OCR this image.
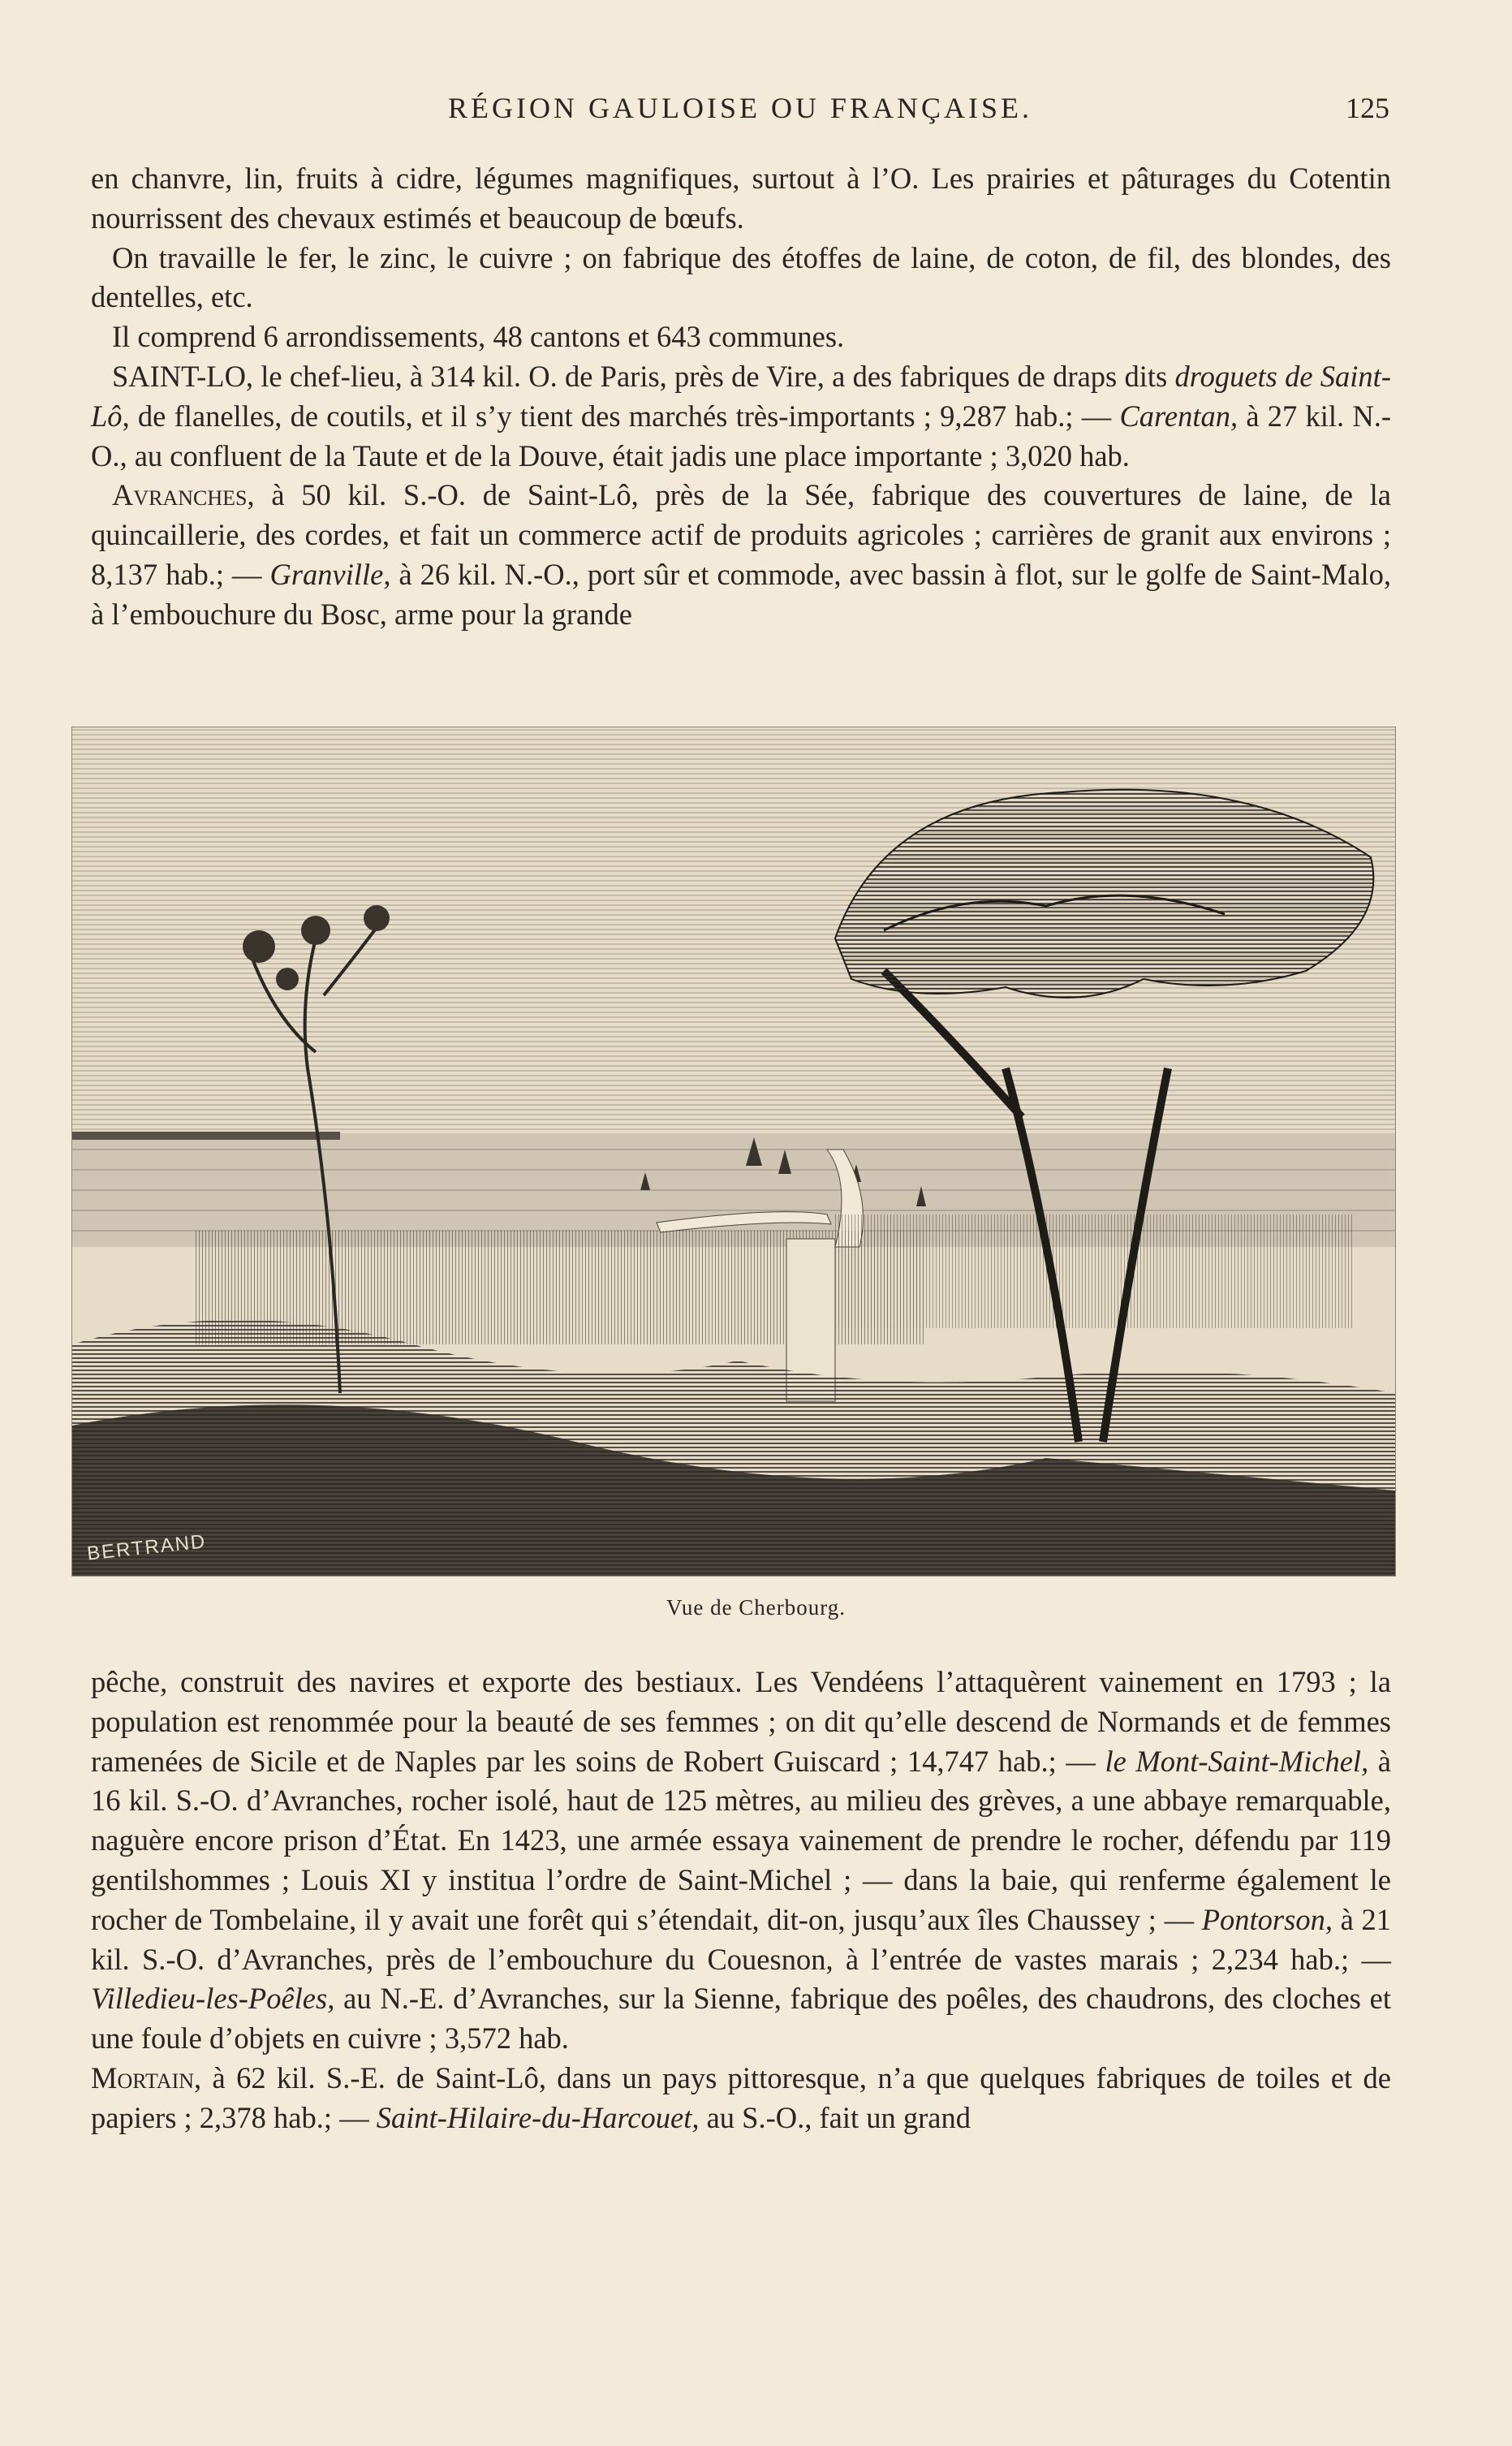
RÉGION GAULOISE OU FRANÇAISE.	125

en chanvre, lin, fruits à cidre, légumes magnifiques, surtout à l’O. Les prairies et pâturages du Cotentin nourrissent des chevaux estimés et beaucoup de bœufs.

On travaille le fer, le zinc, le cuivre ; on fabrique des étoffes de laine, de coton, de fil, des blondes, des dentelles, etc.

Il comprend 6 arrondissements, 48 cantons et 643 communes.

SAINT-LO, le chef-lieu, à 314 kil. O. de Paris, près de Vire, a des fabriques de draps dits droguets de Saint-Lô, de flanelles, de coutils, et il s’y tient des marchés très-importants ; 9,287 hab.; — Carentan, à 27 kil. N.-O., au confluent de la Taute et de la Douve, était jadis une place importante ; 3,020 hab.

Avranches, à 50 kil. S.-O. de Saint-Lô, près de la Sée, fabrique des couvertures de laine, de la quincaillerie, des cordes, et fait un commerce actif de produits agricoles ; carrières de granit aux environs ; 8,137 hab.; — Granville, à 26 kil. N.-O., port sûr et commode, avec bassin à flot, sur le golfe de Saint-Malo, à l’embouchure du Bosc, arme pour la grande

BERTRAND
Vue de Cherbourg.

pêche, construit des navires et exporte des bestiaux. Les Vendéens l’attaquèrent vainement en 1793 ; la population est renommée pour la beauté de ses femmes ; on dit qu’elle descend de Normands et de femmes ramenées de Sicile et de Naples par les soins de Robert Guiscard ; 14,747 hab.; — le Mont-Saint-Michel, à 16 kil. S.-O. d’Avranches, rocher isolé, haut de 125 mètres, au milieu des grèves, a une abbaye remarquable, naguère encore prison d’État. En 1423, une armée essaya vainement de prendre le rocher, défendu par 119 gentilshommes ; Louis XI y institua l’ordre de Saint-Michel ; — dans la baie, qui renferme également le rocher de Tombelaine, il y avait une forêt qui s’étendait, dit-on, jusqu’aux îles Chaussey ; — Pontorson, à 21 kil. S.-O. d’Avranches, près de l’embouchure du Couesnon, à l’entrée de vastes marais ; 2,234 hab.; — Villedieu-les-Poêles, au N.-E. d’Avranches, sur la Sienne, fabrique des poêles, des chaudrons, des cloches et une foule d’objets en cuivre ; 3,572 hab.

Mortain, à 62 kil. S.-E. de Saint-Lô, dans un pays pittoresque, n’a que quelques fabriques de toiles et de papiers ; 2,378 hab.; — Saint-Hilaire-du-Harcouet, au S.-O., fait un grand
